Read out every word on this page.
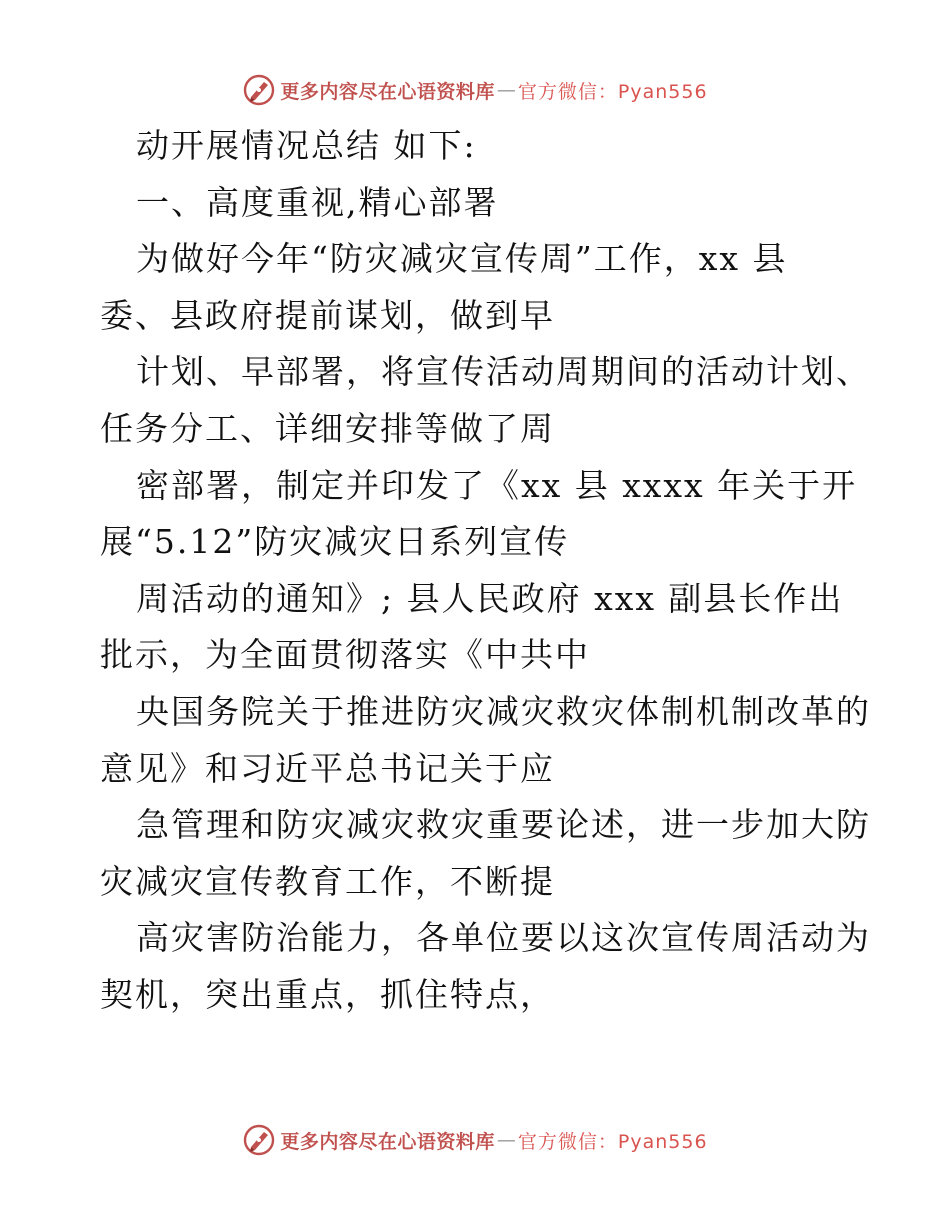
更多内容尽在心语资料库 — 官方微信：Pyan556
动开展情况总结 如下:
一、高度重视,精心部署
为做好今年“防灾减灾宣传周”工作，xx 县
委、县政府提前谋划，做到早
计划、早部署，将宣传活动周期间的活动计划、
任务分工、详细安排等做了周
密部署，制定并印发了《xx 县 xxxx 年关于开
展“5.12”防灾减灾日系列宣传
周活动的通知》; 县人民政府 xxx 副县长作出
批示，为全面贯彻落实《中共中
央国务院关于推进防灾减灾救灾体制机制改革的
意见》和习近平总书记关于应
急管理和防灾减灾救灾重要论述，进一步加大防
灾减灾宣传教育工作，不断提
高灾害防治能力，各单位要以这次宣传周活动为
契机，突出重点，抓住特点，
更多内容尽在心语资料库 — 官方微信：Pyan556
